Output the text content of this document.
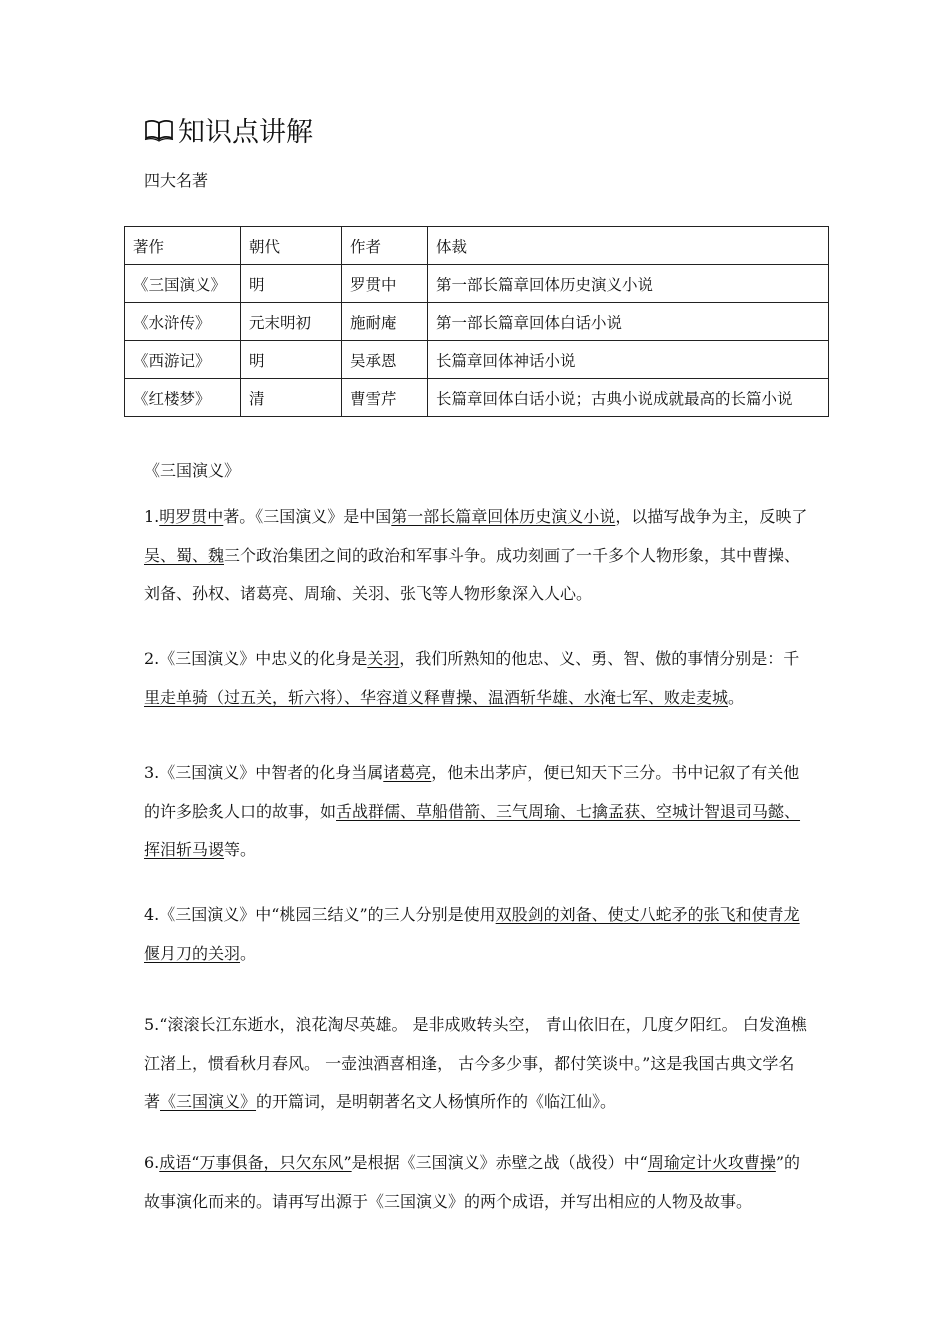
知识点讲解
四大名著
著作	朝代	作者	体裁
《三国演义》	明	罗贯中	第一部长篇章回体历史演义小说
《水浒传》	元末明初	施耐庵	第一部长篇章回体白话小说
《西游记》	明	吴承恩	长篇章回体神话小说
《红楼梦》	清	曹雪芹	长篇章回体白话小说；古典小说成就最高的长篇小说
《三国演义》

1.明罗贯中著。《三国演义》是中国第一部长篇章回体历史演义小说，以描写战争为主，反映了吴、蜀、魏三个政治集团之间的政治和军事斗争。成功刻画了一千多个人物形象，其中曹操、刘备、孙权、诸葛亮、周瑜、关羽、张飞等人物形象深入人心。

2.《三国演义》中忠义的化身是关羽，我们所熟知的他忠、义、勇、智、傲的事情分别是：千里走单骑（过五关，斩六将）、华容道义释曹操、温酒斩华雄、水淹七军、败走麦城。

3.《三国演义》中智者的化身当属诸葛亮，他未出茅庐，便已知天下三分。书中记叙了有关他的许多脍炙人口的故事，如舌战群儒、草船借箭、三气周瑜、七擒孟获、空城计智退司马懿、挥泪斩马谡等。

4.《三国演义》中“桃园三结义”的三人分别是使用双股剑的刘备、使丈八蛇矛的张飞和使青龙偃月刀的关羽。

5.“滚滚长江东逝水，浪花淘尽英雄。 是非成败转头空， 青山依旧在，几度夕阳红。 白发渔樵江渚上，惯看秋月春风。 一壶浊酒喜相逢， 古今多少事，都付笑谈中。”这是我国古典文学名著《三国演义》的开篇词，是明朝著名文人杨慎所作的《临江仙》。

6.成语“万事俱备，只欠东风”是根据《三国演义》赤壁之战（战役）中“周瑜定计火攻曹操”的故事演化而来的。请再写出源于《三国演义》的两个成语，并写出相应的人物及故事。
